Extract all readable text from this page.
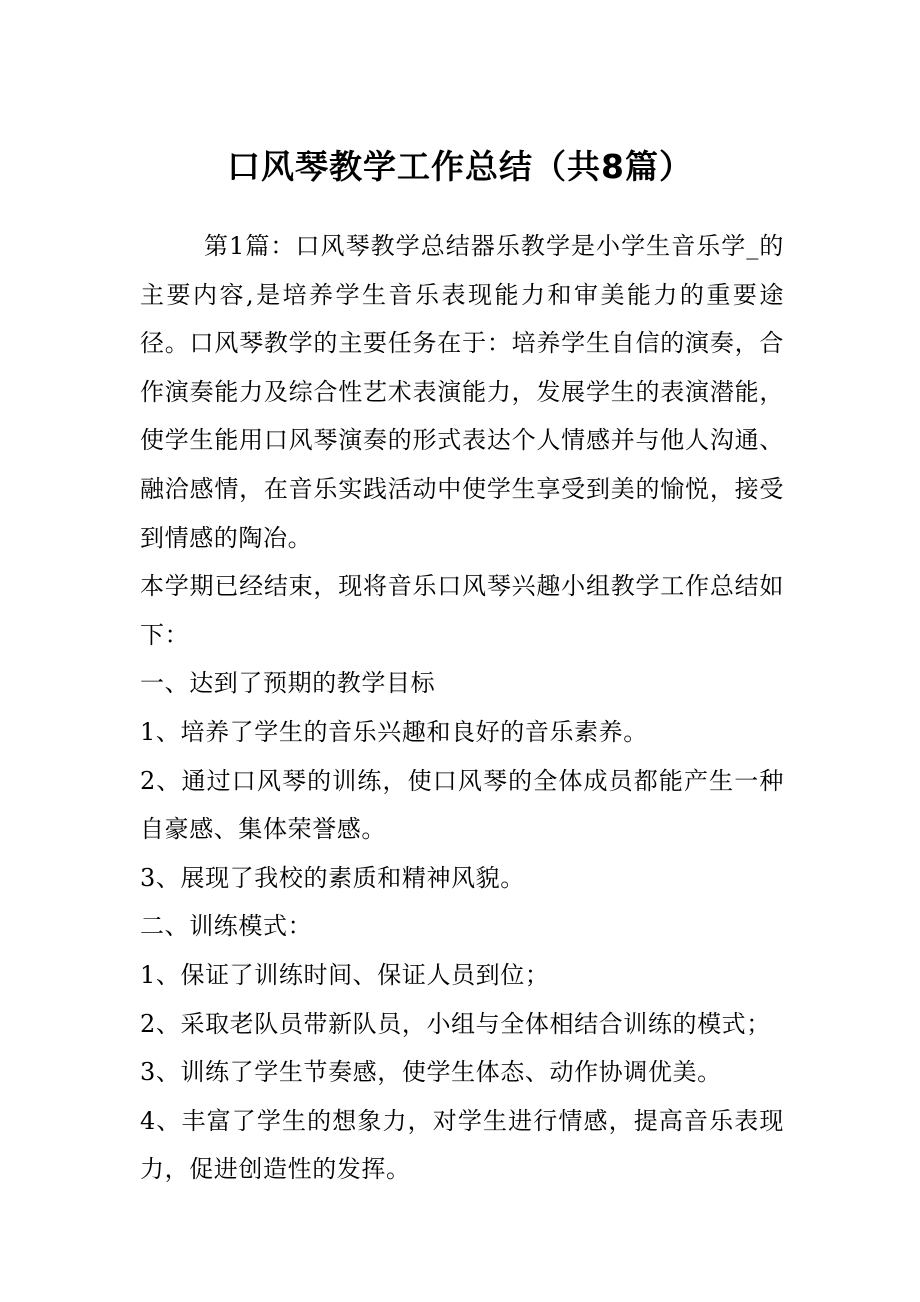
口风琴教学工作总结（共8篇）

第1篇：口风琴教学总结器乐教学是小学生音乐学_的主要内容,是培养学生音乐表现能力和审美能力的重要途径。口风琴教学的主要任务在于：培养学生自信的演奏，合作演奏能力及综合性艺术表演能力，发展学生的表演潜能，使学生能用口风琴演奏的形式表达个人情感并与他人沟通、融洽感情，在音乐实践活动中使学生享受到美的愉悦，接受到情感的陶冶。

本学期已经结束，现将音乐口风琴兴趣小组教学工作总结如下：

一、达到了预期的教学目标

1、培养了学生的音乐兴趣和良好的音乐素养。

2、通过口风琴的训练，使口风琴的全体成员都能产生一种自豪感、集体荣誉感。

3、展现了我校的素质和精神风貌。

二、训练模式：

1、保证了训练时间、保证人员到位；

2、采取老队员带新队员，小组与全体相结合训练的模式；

3、训练了学生节奏感，使学生体态、动作协调优美。

4、丰富了学生的想象力，对学生进行情感，提高音乐表现力，促进创造性的发挥。
